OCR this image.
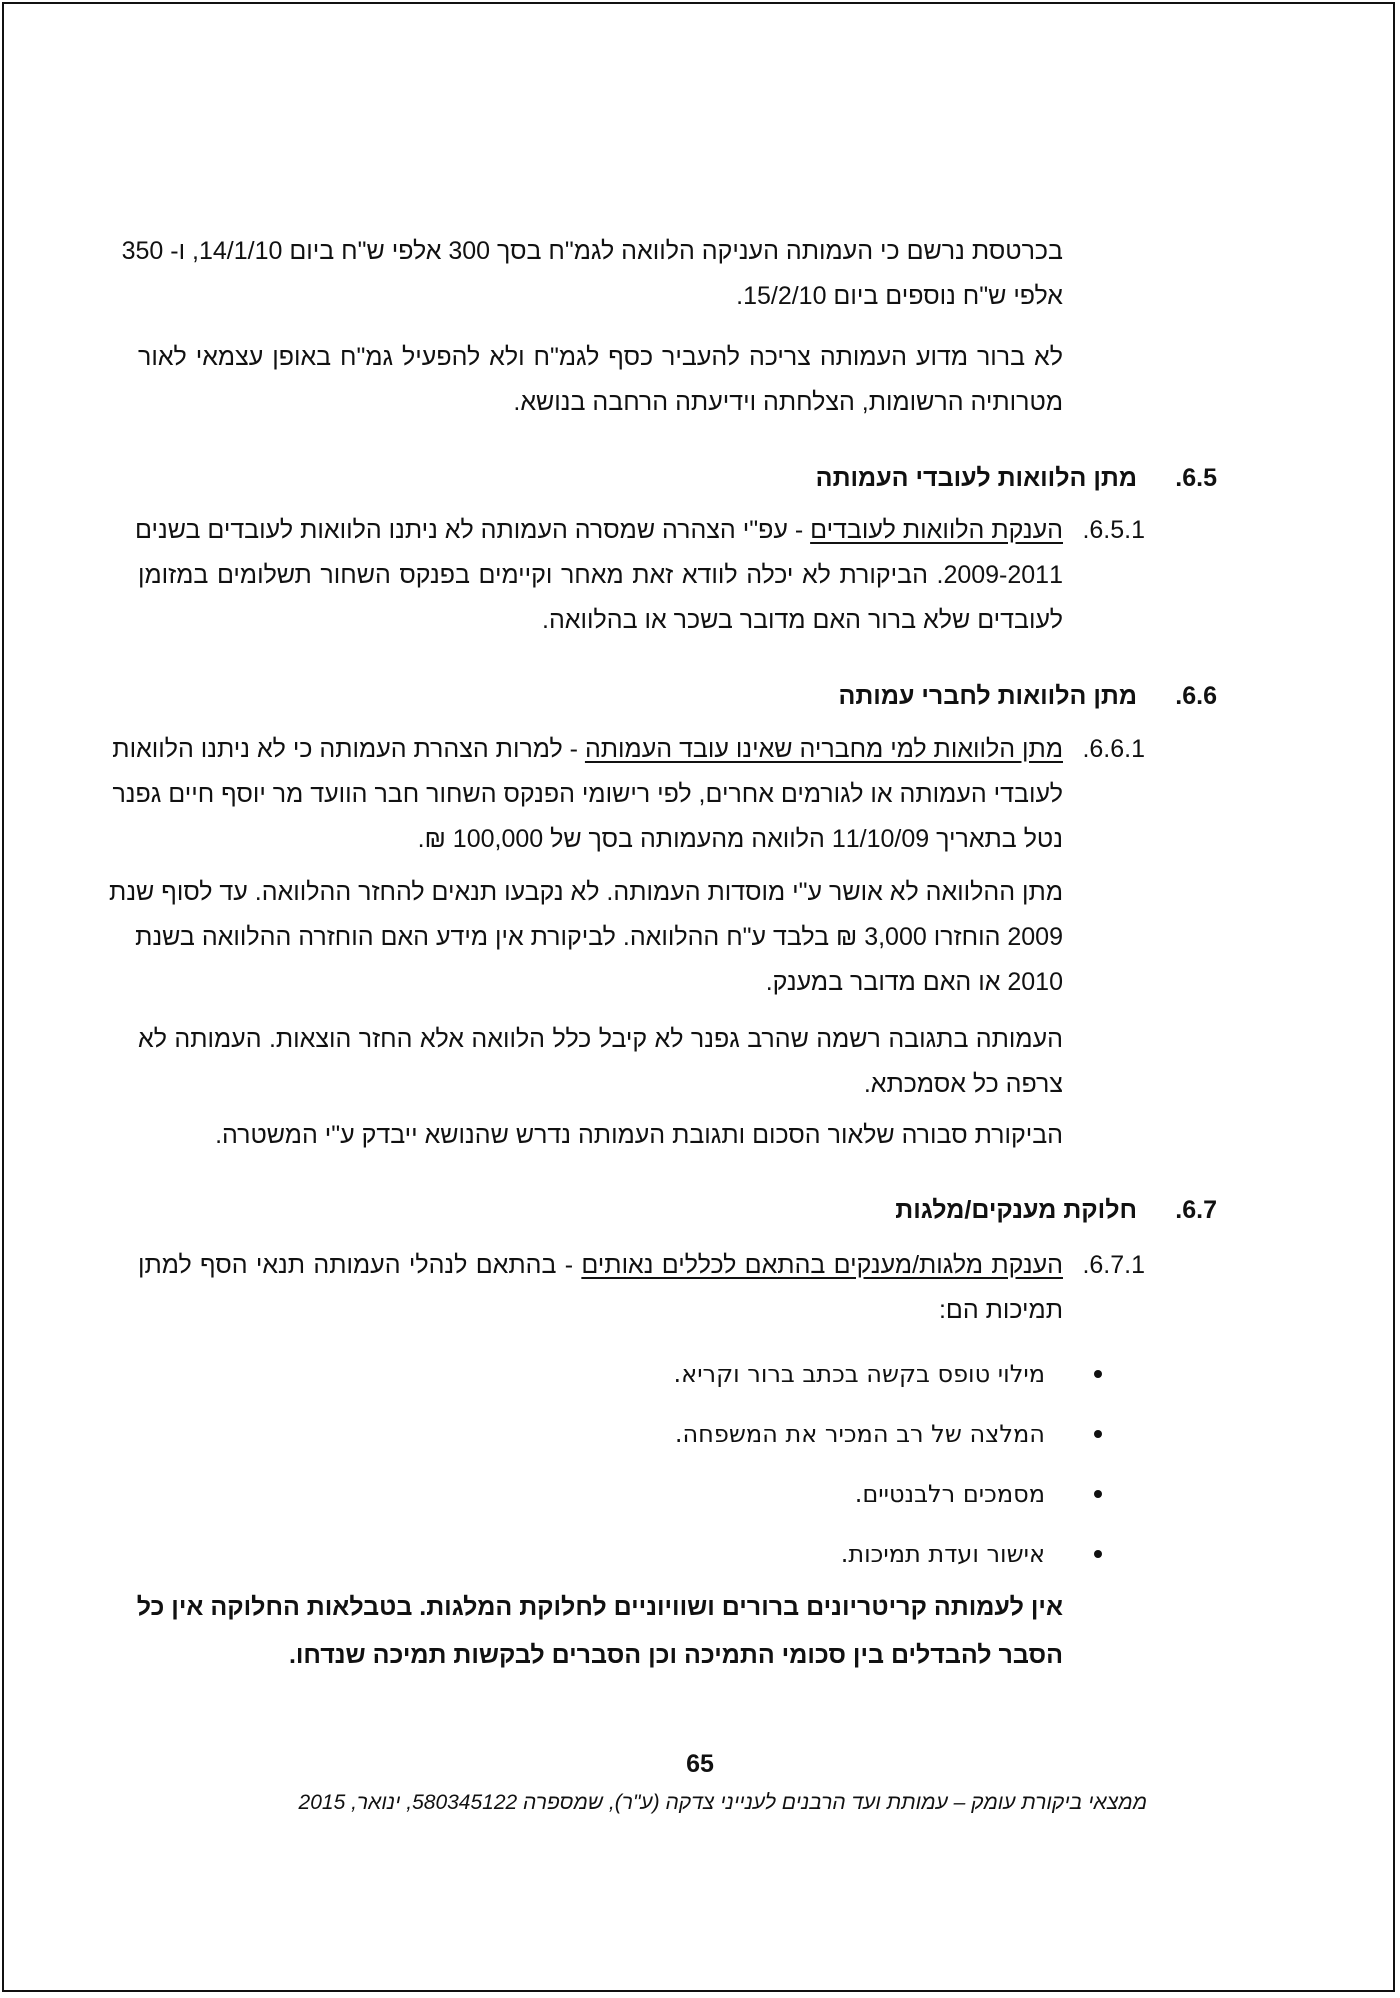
בכרטסת נרשם כי העמותה העניקה הלוואה לגמ"ח בסך 300 אלפי ש"ח ביום 14/1/10, ו- 350
אלפי ש"ח נוספים ביום 15/2/10.
לא ברור מדוע העמותה צריכה להעביר כסף לגמ"ח ולא להפעיל גמ"ח באופן עצמאי לאור
מטרותיה הרשומות, הצלחתה וידיעתה הרחבה בנושא.
6.5.
מתן הלוואות לעובדי העמותה
6.5.1.
הענקת הלוואות לעובדים - עפ"י הצהרה שמסרה העמותה לא ניתנו הלוואות לעובדים בשנים
2009-2011. הביקורת לא יכלה לוודא זאת מאחר וקיימים בפנקס השחור תשלומים במזומן
לעובדים שלא ברור האם מדובר בשכר או בהלוואה.
6.6.
מתן הלוואות לחברי עמותה
6.6.1.
מתן הלוואות למי מחבריה שאינו עובד העמותה - למרות הצהרת העמותה כי לא ניתנו הלוואות
לעובדי העמותה או לגורמים אחרים, לפי רישומי הפנקס השחור חבר הוועד מר יוסף חיים גפנר
נטל בתאריך 11/10/09 הלוואה מהעמותה בסך של 100,000 ₪.
מתן ההלוואה לא אושר ע"י מוסדות העמותה. לא נקבעו תנאים להחזר ההלוואה. עד לסוף שנת
2009 הוחזרו 3,000 ₪ בלבד ע"ח ההלוואה. לביקורת אין מידע האם הוחזרה ההלוואה בשנת
2010 או האם מדובר במענק.
העמותה בתגובה רשמה שהרב גפנר לא קיבל כלל הלוואה אלא החזר הוצאות. העמותה לא
צרפה כל אסמכתא.
הביקורת סבורה שלאור הסכום ותגובת העמותה נדרש שהנושא ייבדק ע"י המשטרה.
6.7.
חלוקת מענקים/מלגות
6.7.1.
הענקת מלגות/מענקים בהתאם לכללים נאותים - בהתאם לנהלי העמותה תנאי הסף למתן
תמיכות הם:
מילוי טופס בקשה בכתב ברור וקריא.
המלצה של רב המכיר את המשפחה.
מסמכים רלבנטיים.
אישור ועדת תמיכות.
אין לעמותה קריטריונים ברורים ושוויוניים לחלוקת המלגות. בטבלאות החלוקה אין כל
הסבר להבדלים בין סכומי התמיכה וכן הסברים לבקשות תמיכה שנדחו.
65
ממצאי ביקורת עומק – עמותת ועד הרבנים לענייני צדקה (ע"ר), שמספרה 580345122, ינואר, 2015
